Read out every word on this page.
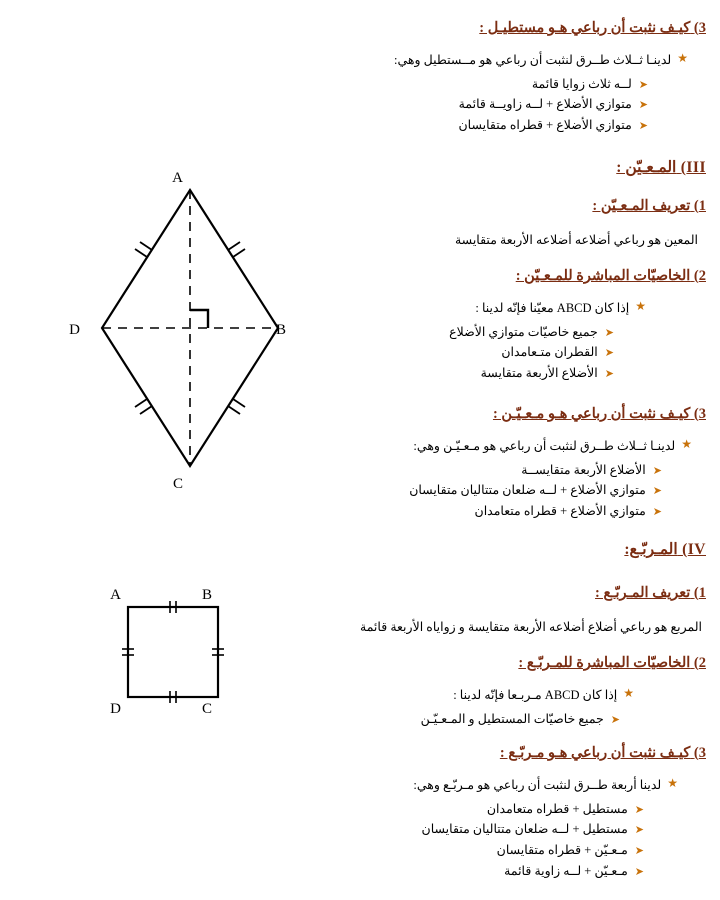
3) كيـف نثبت أن رباعي هـو مستطيـل :
★
لدينـا ثــلاث طــرق لنثبت أن رباعي هو مــستطيل وهي:
➤
لــه ثلاث زوايا قائمة
➤
متوازي الأضلاع + لــه زاويــة قائمة
➤
متوازي الأضلاع + قطراه متقايسان
III) المـعـيّن :
1) تعريف المـعـيّن :
المعين هو رباعي أضلاعه أضلاعه الأربعة متقايسة
2) الخاصيّات المباشرة للمـعـيّن :
★
إذا كان ABCD معيّنا فإنّه لدينا :
➤
جميع خاصيّات متوازي الأضلاع
➤
القطران متـعامدان
➤
الأضلاع الأربعة متقايسة
3) كيـف نثبت أن رباعي هـو مـعـيّـن :
★
لدينـا ثــلاث طــرق لنثبت أن رباعي هو مـعـيّـن وهي:
➤
الأضلاع الأربعة متقايســة
➤
متوازي الأضلاع + لــه ضلعان متتاليان متقايسان
➤
متوازي الأضلاع + قطراه متعامدان
IV) المـربّـع:
1) تعريف المـربّـع :
المربع هو رباعي أضلاع أضلاعه الأربعة متقايسة و زواياه الأربعة قائمة
2) الخاصيّات المباشرة للمـربّـع :
★
إذا كان ABCD مـربـعا فإنّه لدينا :
➤
جميع خاصيّات المستطيل و المـعـيّـن
3) كيـف نثبت أن رباعي هـو مـربّـع :
★
لدينا أربعة طــرق لنثبت أن رباعي هو مـربّـع وهي:
➤
مستطيل + قطراه متعامدان
➤
مستطيل + لــه ضلعان متتاليان متقايسان
➤
مـعـيّن + قطراه متقايسان
➤
مـعـيّن + لــه زاوية قائمة
A
B
C
D
A	B
C
D
